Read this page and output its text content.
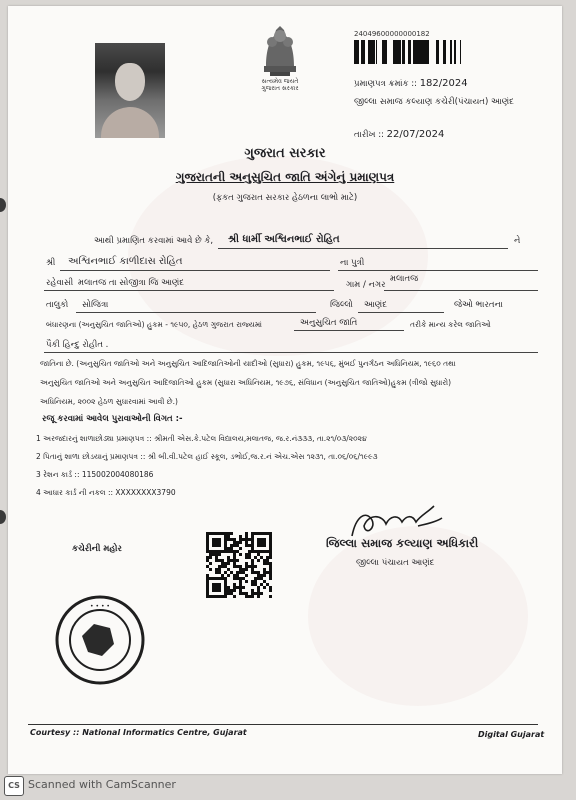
સત્યમેવ જયતે
ગુજરાત સરકાર
24049600000000182
પ્રમાણપત્ર ક્રમાંક :: 182/2024
જીલ્લા સમાજ કલ્યાણ કચેરી(પંચાયત) આણંદ
તારીખ :: 22/07/2024
ગુજરાત સરકાર
ગુજરાતની અનુસુચિત જાતિ અંગેનું પ્રમાણપત્ર
(ફકત ગુજરાત સરકાર હેઠળના લાભો માટે)
આથી પ્રમાણિત કરવામાં આવે છે કે, શ્રી ધાર્મી અશ્વિનભાઈ રોહિત	ને
શ્રી અશ્વિનભાઈ કાળીદાસ રોહિત	ના પુત્રી
રહેવાસી મલાતજ તા સોજીત્રા જિ આણંદ	ગામ / નગર
મલાતજ
તાલુકો સોજિત્રા	જિલ્લો આણંદ	જેઓ ભારતના
બંધારણના (અનુસુચિત જાતિઓ) હુકમ - ૧૯૫૦, હેઠળ ગુજરાત રાજ્યમાં	અનુસુચિત જાતિ	તરીકે માન્ય કરેલ જાતિઓ
પૈકી હિન્દુ રોહીત .
જાતિના છે. (અનુસુચિત જાતિઓ અને અનુસુચિત આદિજાતિઓની યાદીઓ (સુધારા) હુકમ, ૧૯૫૬, મુંબઈ પુનર્ગઠન અધિનિયમ, ૧૯૬૦ તથા
અનુસુચિત જાતિઓ અને અનુસુચિત આદિજાતિઓ હુકમ (સુધારા અધિનિયમ, ૧૯૭૬, સંવિધાન (અનુસુચિત જાતિઓ)હુકમ (ત્રીજો સુધારો)
અધિનિયમ, ૨૦૦૨ હેઠળ સુધારવામાં આવી છે.)
રજૂ કરવામાં આવેલ પુરાવાઓની વિગત :-
1 અરજદારનું શાળાછોડ્યા પ્રમાણપત્ર :: શ્રીમતી એસ.કે.પટેલ વિદ્યાલય,મલાતજ, જ.ર.નં૩૩૩, તા.૨૧/૦૩/૨૦૨૪
2 પિતાનું શાળા છોડયાનું પ્રમાણપત્ર :: શ્રી બી.વી.પટેલ હાઈ સ્કૂલ, ડભોઈ,જ.ર.નં એચ.એસ ૧૨૩૧, તા.૦૬/૦૬/૧૯૯૩
3 રેશન કાર્ડ :: 115002004080186
4 આધાર કાર્ડ ની નકલ :: XXXXXXXX3790
જિલ્લા સમાજ કલ્યાણ અધિકારી
જીલ્લા પંચાયત આણંદ
કચેરીની મહોર
• • • •
Courtesy :: National Informatics Centre, Gujarat	Digital Gujarat
CS Scanned with CamScanner
